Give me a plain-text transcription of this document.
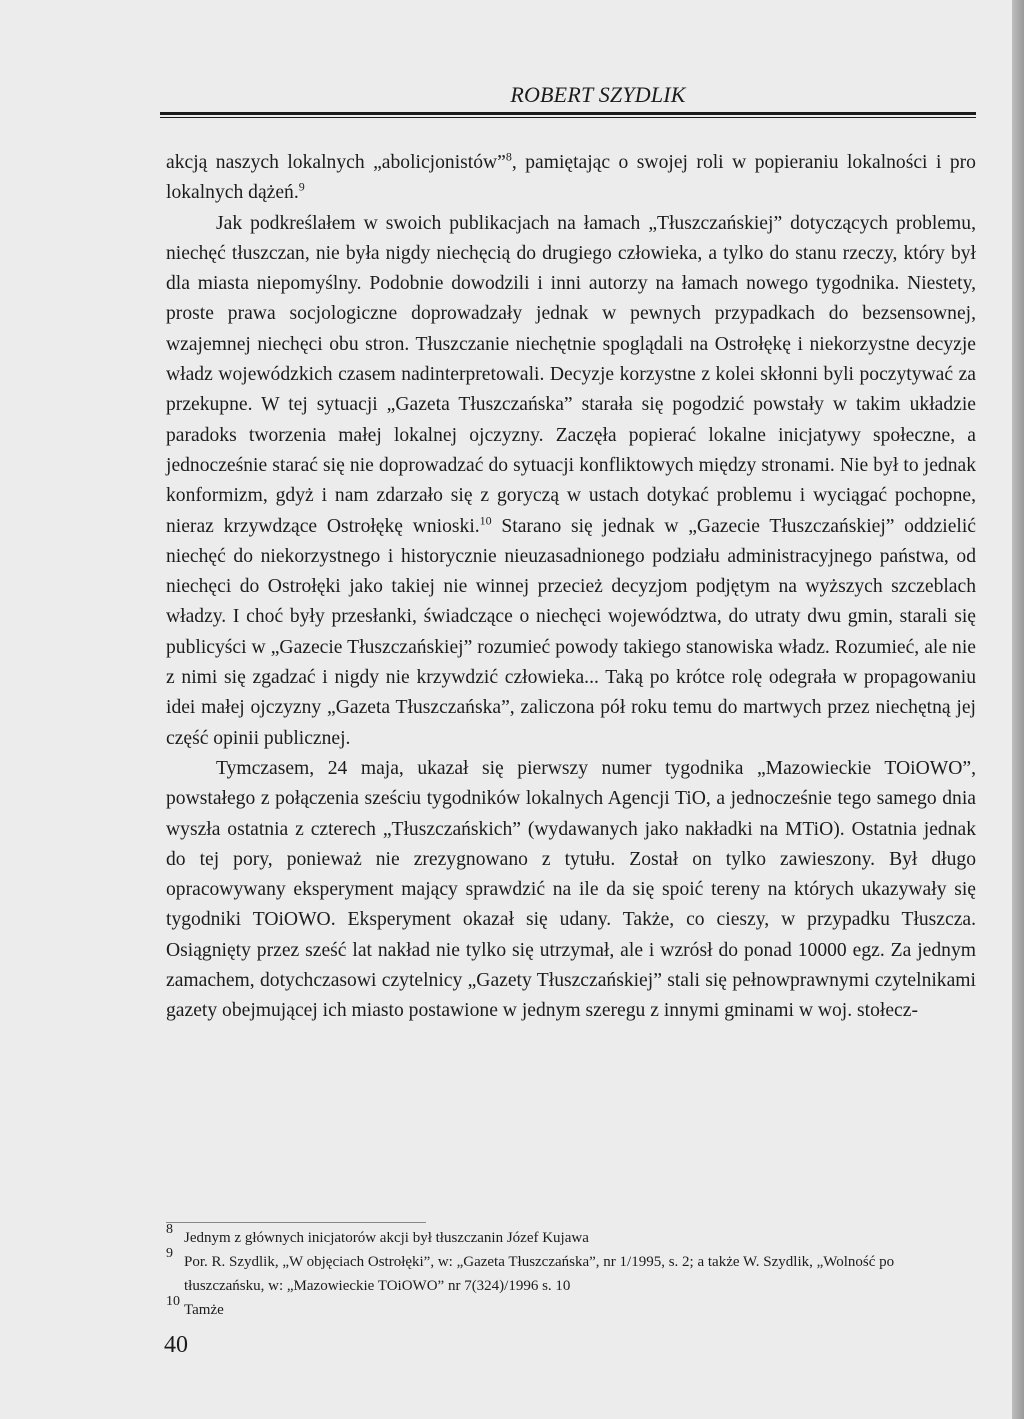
ROBERT SZYDLIK

akcją naszych lokalnych „abolicjonistów”$^8$, pamiętając o swojej roli w popieraniu lokalności i pro lokalnych dążeń.$^9$

Jak podkreślałem w swoich publikacjach na łamach „Tłuszczańskiej” dotyczących problemu, niechęć tłuszczan, nie była nigdy niechęcią do drugiego człowieka, a tylko do stanu rzeczy, który był dla miasta niepomyślny. Podobnie dowodzili i inni autorzy na łamach nowego tygodnika. Niestety, proste prawa socjologiczne doprowadzały jednak w pewnych przypadkach do bezsensownej, wzajemnej niechęci obu stron. Tłuszczanie niechętnie spoglądali na Ostrołękę i niekorzystne decyzje władz wojewódzkich czasem nadinterpretowali. Decyzje korzystne z kolei skłonni byli poczytywać za przekupne. W tej sytuacji „Gazeta Tłuszczańska” starała się pogodzić powstały w takim układzie paradoks tworzenia małej lokalnej ojczyzny. Zaczęła popierać lokalne inicjatywy społeczne, a jednocześnie starać się nie doprowadzać do sytuacji konfliktowych między stronami. Nie był to jednak konformizm, gdyż i nam zdarzało się z goryczą w ustach dotykać problemu i wyciągać pochopne, nieraz krzywdzące Ostrołękę wnioski.$^{10}$ Starano się jednak w „Gazecie Tłuszczańskiej” oddzielić niechęć do niekorzystnego i historycznie nieuzasadnionego podziału administracyjnego państwa, od niechęci do Ostrołęki jako takiej nie winnej przecież decyzjom podjętym na wyższych szczeblach władzy. I choć były przesłanki, świadczące o niechęci województwa, do utraty dwu gmin, starali się publicyści w „Gazecie Tłuszczańskiej” rozumieć powody takiego stanowiska władz. Rozumieć, ale nie z nimi się zgadzać i nigdy nie krzywdzić człowieka... Taką po krótce rolę odegrała w propagowaniu idei małej ojczyzny „Gazeta Tłuszczańska”, zaliczona pół roku temu do martwych przez niechętną jej część opinii publicznej.

Tymczasem, 24 maja, ukazał się pierwszy numer tygodnika „Mazowieckie TOiOWO”, powstałego z połączenia sześciu tygodników lokalnych Agencji TiO, a jednocześnie tego samego dnia wyszła ostatnia z czterech „Tłuszczańskich” (wydawanych jako nakładki na MTiO). Ostatnia jednak do tej pory, ponieważ nie zrezygnowano z tytułu. Został on tylko zawieszony. Był długo opracowywany eksperyment mający sprawdzić na ile da się spoić tereny na których ukazywały się tygodniki TOiOWO. Eksperyment okazał się udany. Także, co cieszy, w przypadku Tłuszcza. Osiągnięty przez sześć lat nakład nie tylko się utrzymał, ale i wzrósł do ponad 10000 egz. Za jednym zamachem, dotychczasowi czytelnicy „Gazety Tłuszczańskiej” stali się pełnowprawnymi czytelnikami gazety obejmującej ich miasto postawione w jednym szeregu z innymi gminami w woj. stołecz-

8
Jednym z głównych inicjatorów akcji był tłuszczanin Józef Kujawa
9
Por. R. Szydlik, „W objęciach Ostrołęki”, w: „Gazeta Tłuszczańska”, nr 1/1995, s. 2; a także W. Szydlik, „Wolność po tłuszczańsku, w: „Mazowieckie TOiOWO” nr 7(324)/1996 s. 10
10
Tamże
40
